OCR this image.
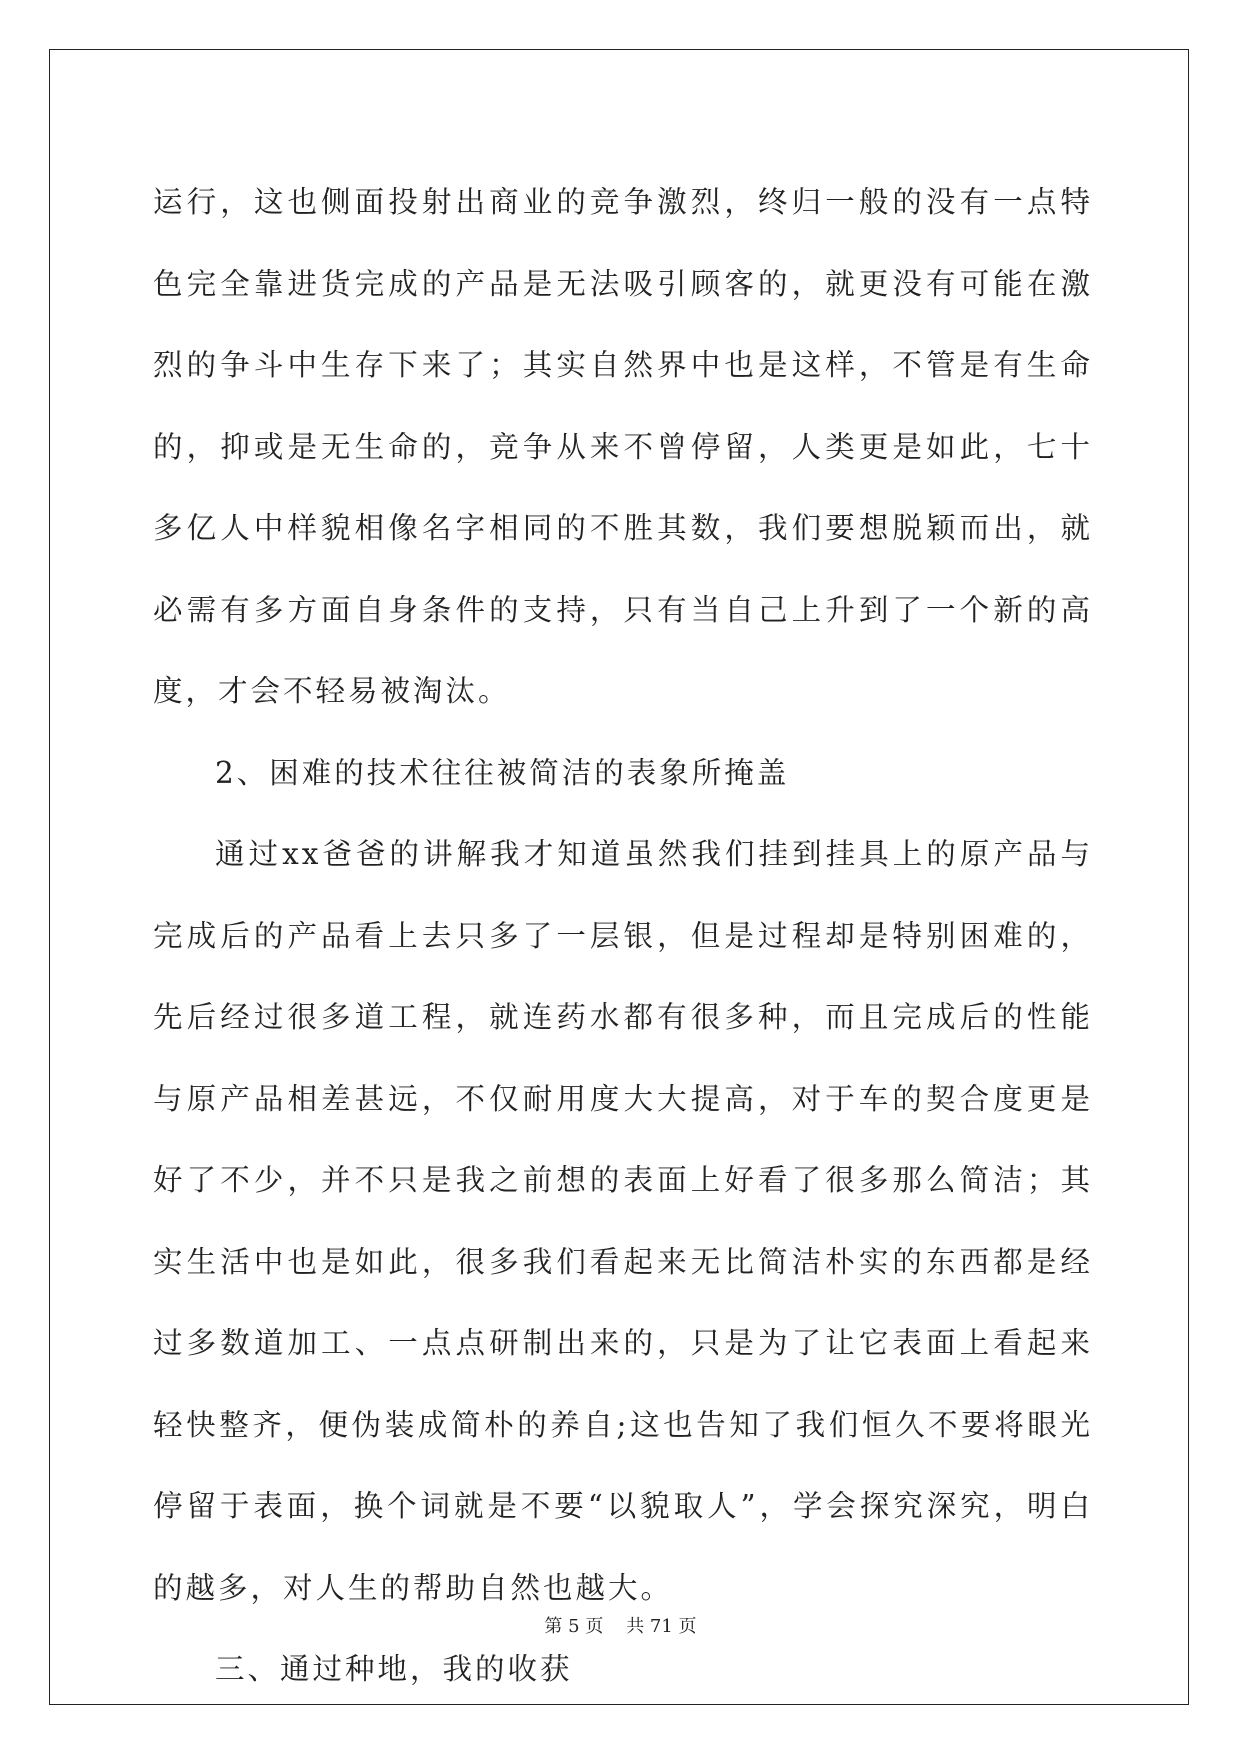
运行，这也侧面投射出商业的竞争激烈，终归一般的没有一点特色完全靠进货完成的产品是无法吸引顾客的，就更没有可能在激烈的争斗中生存下来了；其实自然界中也是这样，不管是有生命的，抑或是无生命的，竞争从来不曾停留，人类更是如此，七十多亿人中样貌相像名字相同的不胜其数，我们要想脱颖而出，就必需有多方面自身条件的支持，只有当自己上升到了一个新的高度，才会不轻易被淘汰。

2、困难的技术往往被简洁的表象所掩盖

通过xx爸爸的讲解我才知道虽然我们挂到挂具上的原产品与完成后的产品看上去只多了一层银，但是过程却是特别困难的，先后经过很多道工程，就连药水都有很多种，而且完成后的性能与原产品相差甚远，不仅耐用度大大提高，对于车的契合度更是好了不少，并不只是我之前想的表面上好看了很多那么简洁；其实生活中也是如此，很多我们看起来无比简洁朴实的东西都是经过多数道加工、一点点研制出来的，只是为了让它表面上看起来轻快整齐，便伪装成简朴的养自;这也告知了我们恒久不要将眼光停留于表面，换个词就是不要“以貌取人”，学会探究深究，明白的越多，对人生的帮助自然也越大。

三、通过种地，我的收获

第 5 页    共 71 页
